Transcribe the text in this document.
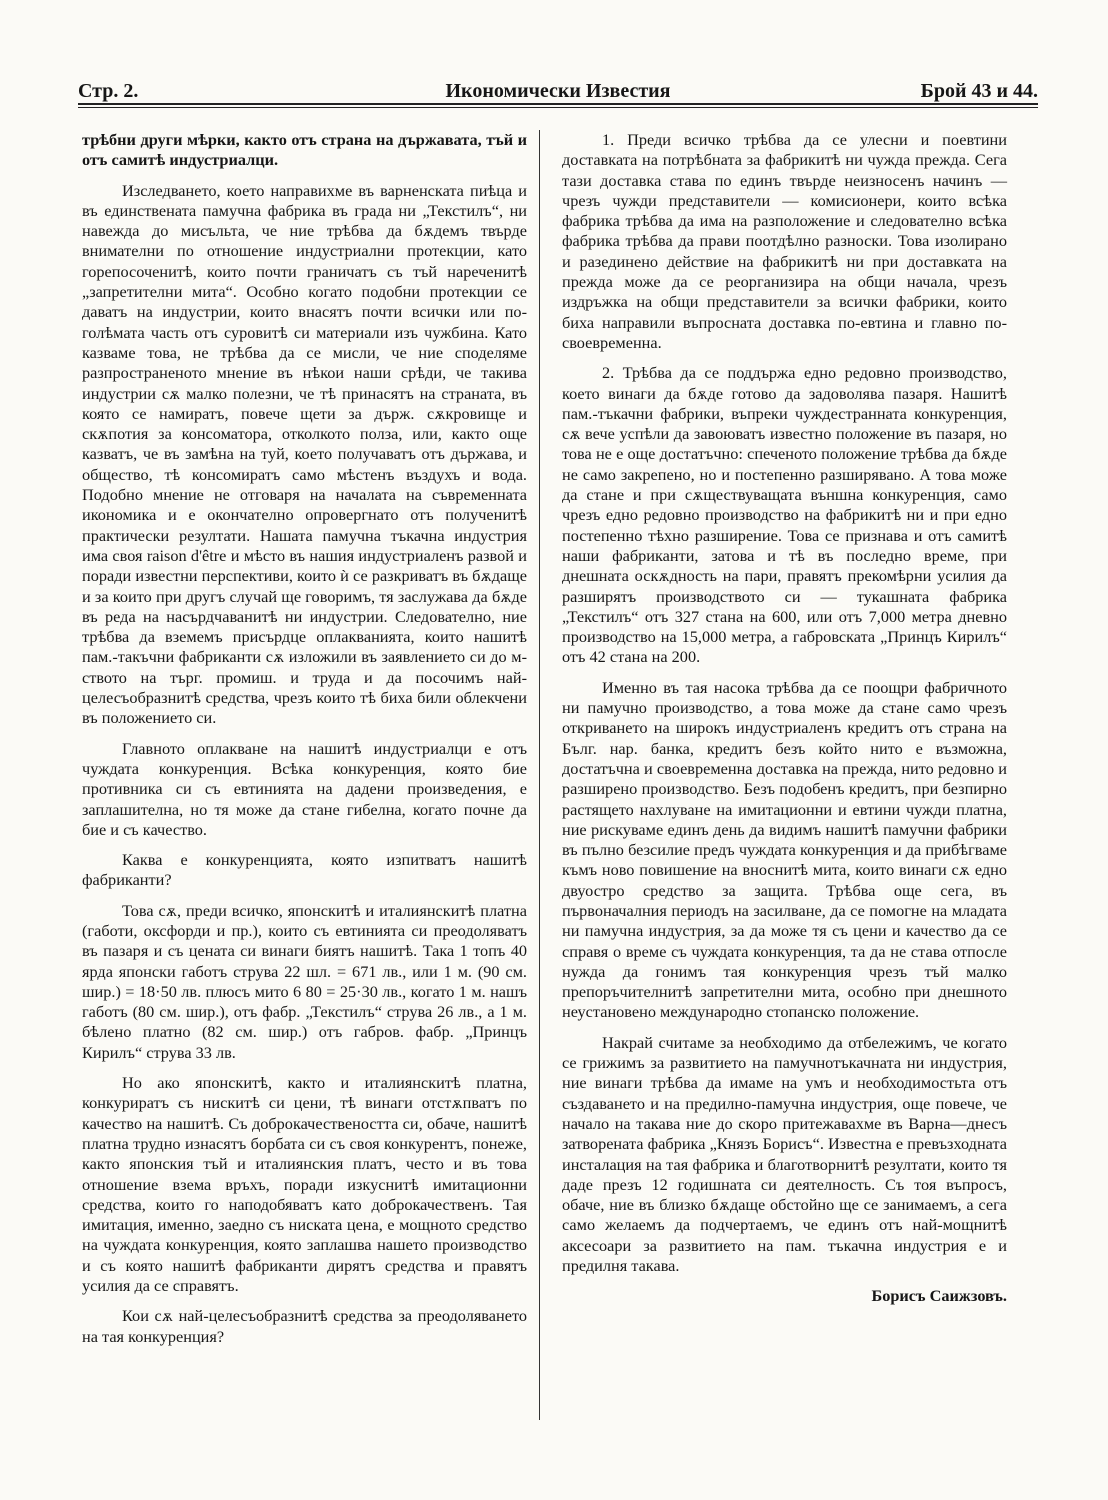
Стр. 2.	Икономически Известия	Брой 43 и 44.

трѣбни други мѣрки, както отъ страна на държавата, тъй и отъ самитѣ индустриалци.

Изследването, което направихме въ варненската пиѣца и въ единствената памучна фабрика въ града ни „Текстилъ“, ни навежда до мисъльта, че ние трѣбва да бѫдемъ твърде внимателни по отношение индустриални протекции, като горепосоченитѣ, които почти граничатъ съ тъй нареченитѣ „запретителни мита“. Особно когато подобни протекции се даватъ на индустрии, които внасятъ почти всички или по-голѣмата часть отъ суровитѣ си материали изъ чужбина. Като казваме това, не трѣбва да се мисли, че ние споделяме разпространеното мнение въ нѣкои наши срѣди, че такива индустрии сѫ малко полезни, че тѣ принасятъ на страната, въ която се намиратъ, повече щети за държ. сѫкровище и скѫпотия за консоматора, отколкото полза, или, както още казватъ, че въ замѣна на туй, което получаватъ отъ държава, и общество, тѣ консомиратъ само мѣстенъ въздухъ и вода. Подобно мнение не отговаря на началата на съвременната икономика и е окончателно опровергнато отъ полученитѣ практически резултати. Нашата памучна тъкачна индустрия има своя raison d'être и мѣсто въ нашия индустриаленъ развой и поради известни перспективи, които ѝ се разкриватъ въ бѫдаще и за които при другъ случай ще говоримъ, тя заслужава да бѫде въ реда на насърдчаванитѣ ни индустрии. Следователно, ние трѣбва да вземемъ присърдце оплакванията, които нашитѣ пам.-такъчни фабриканти сѫ изложили въ заявлението си до м-ството на търг. промиш. и труда и да посочимъ най-целесъобразнитѣ средства, чрезъ които тѣ биха били облекчени въ положението си.

Главното оплакване на нашитѣ индустриалци е отъ чуждата конкуренция. Всѣка конкуренция, която бие противника си съ евтинията на дадени произведения, е заплашителна, но тя може да стане гибелна, когато почне да бие и съ качество.

Каква е конкуренцията, която изпитватъ нашитѣ фабриканти?

Това сѫ, преди всичко, японскитѣ и италиянскитѣ платна (габоти, оксфорди и пр.), които съ евтинията си преодоляватъ въ пазаря и съ цената си винаги биятъ нашитѣ. Така 1 топъ 40 ярда японски габотъ струва 22 шл. = 671 лв., или 1 м. (90 см. шир.) = 18·50 лв. плюсъ мито 6 80 = 25·30 лв., когато 1 м. нашъ габотъ (80 см. шир.), отъ фабр. „Текстилъ“ струва 26 лв., а 1 м. бѣлено платно (82 см. шир.) отъ габров. фабр. „Принцъ Кирилъ“ струва 33 лв.

Но ако японскитѣ, както и италиянскитѣ платна, конкуриратъ съ нискитѣ си цени, тѣ винаги отстѫпватъ по качество на нашитѣ. Съ доброкачествеността си, обаче, нашитѣ платна трудно изнасятъ борбата си съ своя конкурентъ, понеже, както японския тъй и италиянския платъ, често и въ това отношение взема връхъ, поради изкуснитѣ имитационни средства, които го наподобяватъ като доброкачественъ. Тая имитация, именно, заедно съ ниската цена, е мощното средство на чуждата конкуренция, която заплашва нашето производство и съ която нашитѣ фабриканти дирятъ средства и правятъ усилия да се справятъ.

Кои сѫ най-целесъобразнитѣ средства за преодоляването на тая конкуренция?

1. Преди всичко трѣбва да се улесни и поевтини доставката на потрѣбната за фабрикитѣ ни чужда прежда. Сега тази доставка става по единъ твърде неизносенъ начинъ — чрезъ чужди представители — комисионери, които всѣка фабрика трѣбва да има на разположение и следователно всѣка фабрика трѣбва да прави поотдѣлно разноски. Това изолирано и разединено действие на фабрикитѣ ни при доставката на прежда може да се реорганизира на общи начала, чрезъ издръжка на общи представители за всички фабрики, които биха направили въпросната доставка по-евтина и главно по-своевременна.

2. Трѣбва да се поддържа едно редовно производство, което винаги да бѫде готово да задоволява пазаря. Нашитѣ пам.-тъкачни фабрики, въпреки чуждестранната конкуренция, сѫ вече успѣли да завоюватъ известно положение въ пазаря, но това не е още достатъчно: спеченото положение трѣбва да бѫде не само закрепено, но и постепенно разширявано. А това може да стане и при сѫществуващата външна конкуренция, само чрезъ едно редовно производство на фабрикитѣ ни и при едно постепенно тѣхно разширение. Това се признава и отъ самитѣ наши фабриканти, затова и тѣ въ последно време, при днешната оскѫдность на пари, правятъ прекомѣрни усилия да разширятъ производството си — тукашната фабрика „Текстилъ“ отъ 327 стана на 600, или отъ 7,000 метра дневно производство на 15,000 метра, а габровската „Принцъ Кирилъ“ отъ 42 стана на 200.

Именно въ тая насока трѣбва да се поощри фабричното ни памучно производство, а това може да стане само чрезъ откриването на широкъ индустриаленъ кредитъ отъ страна на Бълг. нар. банка, кредитъ безъ който нито е възможна, достатъчна и своевременна доставка на прежда, нито редовно и разширено производство. Безъ подобенъ кредитъ, при безпирно растящето нахлуване на имитационни и евтини чужди платна, ние рискуваме единъ день да видимъ нашитѣ памучни фабрики въ пълно безсилие предъ чуждата конкуренция и да прибѣгваме къмъ ново повишение на вноснитѣ мита, които винаги сѫ едно двуостро средство за защита. Трѣбва още сега, въ първоначалния периодъ на засилване, да се помогне на младата ни памучна индустрия, за да може тя съ цени и качество да се справя о време съ чуждата конкуренция, та да не става отпосле нужда да гонимъ тая конкуренция чрезъ тъй малко препоръчителнитѣ запретителни мита, особно при днешното неустановено международно стопанско положение.

Накрай считаме за необходимо да отбележимъ, че когато се грижимъ за развитието на памучнотъкачната ни индустрия, ние винаги трѣбва да имаме на умъ и необходимостьта отъ създаването и на предилно-памучна индустрия, още повече, че начало на такава ние до скоро притежавахме въ Варна—днесъ затворената фабрика „Князъ Борисъ“. Известна е превъзходната инсталация на тая фабрика и благотворнитѣ резултати, които тя даде презъ 12 годишната си деятелность. Съ тоя въпросъ, обаче, ние въ близко бѫдаще обстойно ще се занимаемъ, а сега само желаемъ да подчертаемъ, че единъ отъ най-мощнитѣ аксесоари за развитието на пам. тъкачна индустрия е и предилня такава.

Борисъ Саижзовъ.
